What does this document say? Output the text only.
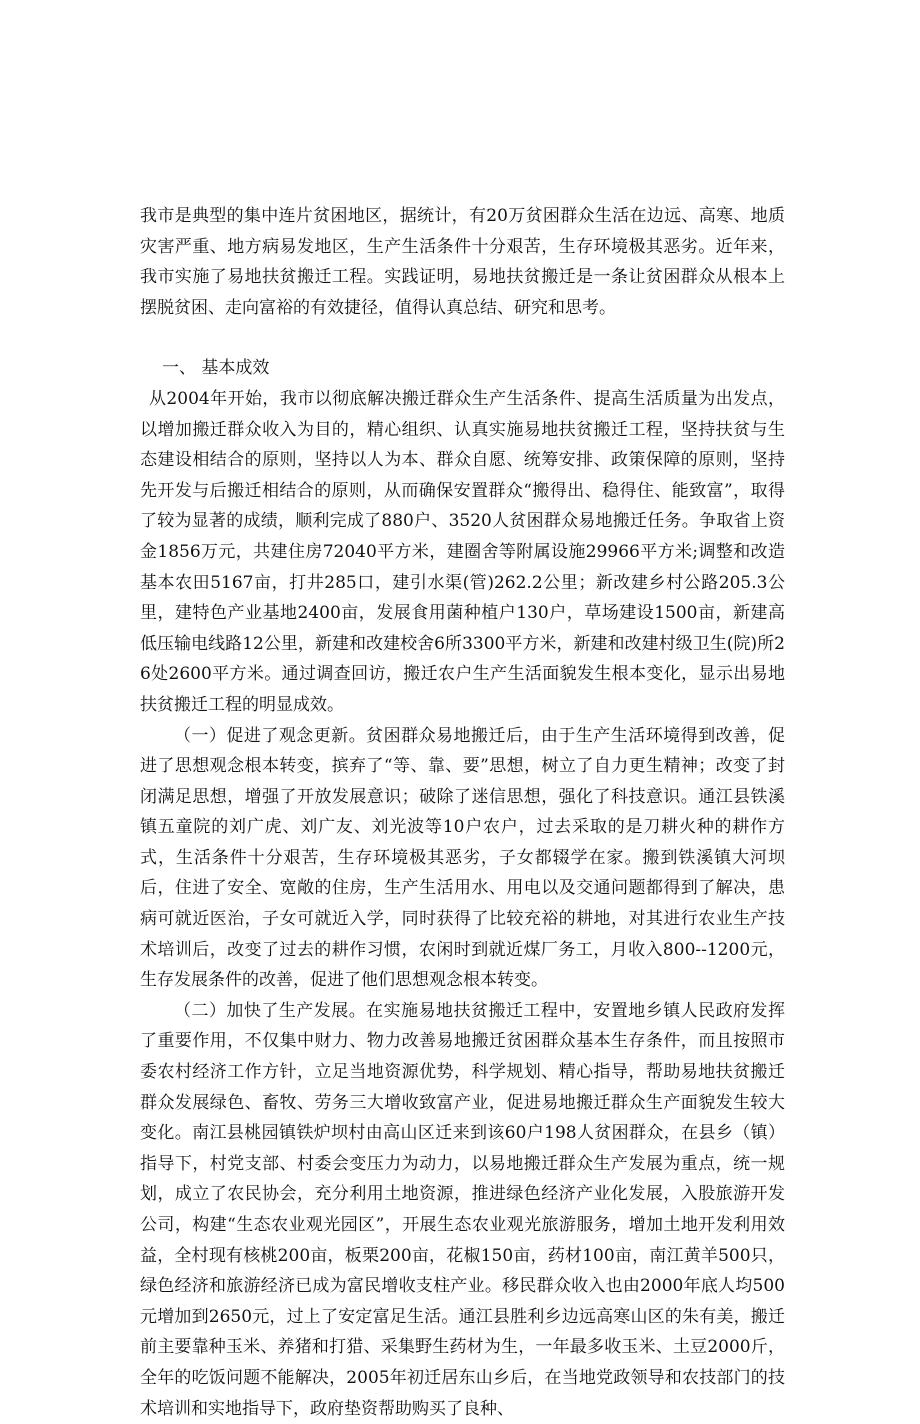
我市是典型的集中连片贫困地区，据统计，有20万贫困群众生活在边远、高寒、地质灾害严重、地方病易发地区，生产生活条件十分艰苦，生存环境极其恶劣。近年来，我市实施了易地扶贫搬迁工程。实践证明，易地扶贫搬迁是一条让贫困群众从根本上摆脱贫困、走向富裕的有效捷径，值得认真总结、研究和思考。

一、 基本成效

从2004年开始，我市以彻底解决搬迁群众生产生活条件、提高生活质量为出发点，以增加搬迁群众收入为目的，精心组织、认真实施易地扶贫搬迁工程，坚持扶贫与生态建设相结合的原则，坚持以人为本、群众自愿、统筹安排、政策保障的原则，坚持先开发与后搬迁相结合的原则，从而确保安置群众“搬得出、稳得住、能致富”，取得了较为显著的成绩，顺利完成了880户、3520人贫困群众易地搬迁任务。争取省上资金1856万元，共建住房72040平方米，建圈舍等附属设施29966平方米;调整和改造基本农田5167亩，打井285口，建引水渠(管)262.2公里；新改建乡村公路205.3公里，建特色产业基地2400亩，发展食用菌种植户130户，草场建设1500亩，新建高低压输电线路12公里，新建和改建校舍6所3300平方米，新建和改建村级卫生(院)所26处2600平方米。通过调查回访，搬迁农户生产生活面貌发生根本变化，显示出易地扶贫搬迁工程的明显成效。

（一）促进了观念更新。贫困群众易地搬迁后，由于生产生活环境得到改善，促进了思想观念根本转变，摈弃了“等、靠、要”思想，树立了自力更生精神；改变了封闭满足思想，增强了开放发展意识；破除了迷信思想，强化了科技意识。通江县铁溪镇五童院的刘广虎、刘广友、刘光波等10户农户，过去采取的是刀耕火种的耕作方式，生活条件十分艰苦，生存环境极其恶劣，子女都辍学在家。搬到铁溪镇大河坝后，住进了安全、宽敞的住房，生产生活用水、用电以及交通问题都得到了解决，患病可就近医治，子女可就近入学，同时获得了比较充裕的耕地，对其进行农业生产技术培训后，改变了过去的耕作习惯，农闲时到就近煤厂务工，月收入800--1200元，生存发展条件的改善，促进了他们思想观念根本转变。

（二）加快了生产发展。在实施易地扶贫搬迁工程中，安置地乡镇人民政府发挥了重要作用，不仅集中财力、物力改善易地搬迁贫困群众基本生存条件，而且按照市委农村经济工作方针，立足当地资源优势，科学规划、精心指导，帮助易地扶贫搬迁群众发展绿色、畜牧、劳务三大增收致富产业，促进易地搬迁群众生产面貌发生较大变化。南江县桃园镇铁炉坝村由高山区迁来到该60户198人贫困群众，在县乡（镇）指导下，村党支部、村委会变压力为动力，以易地搬迁群众生产发展为重点，统一规划，成立了农民协会，充分利用土地资源，推进绿色经济产业化发展，入股旅游开发公司，构建“生态农业观光园区”，开展生态农业观光旅游服务，增加土地开发利用效益，全村现有核桃200亩，板栗200亩，花椒150亩，药材100亩，南江黄羊500只，绿色经济和旅游经济已成为富民增收支柱产业。移民群众收入也由2000年底人均500元增加到2650元，过上了安定富足生活。通江县胜利乡边远高寒山区的朱有美，搬迁前主要靠种玉米、养猪和打猎、采集野生药材为生，一年最多收玉米、土豆2000斤，全年的吃饭问题不能解决，2005年初迁居东山乡后，在当地党政领导和农技部门的技术培训和实地指导下，政府垫资帮助购买了良种、
